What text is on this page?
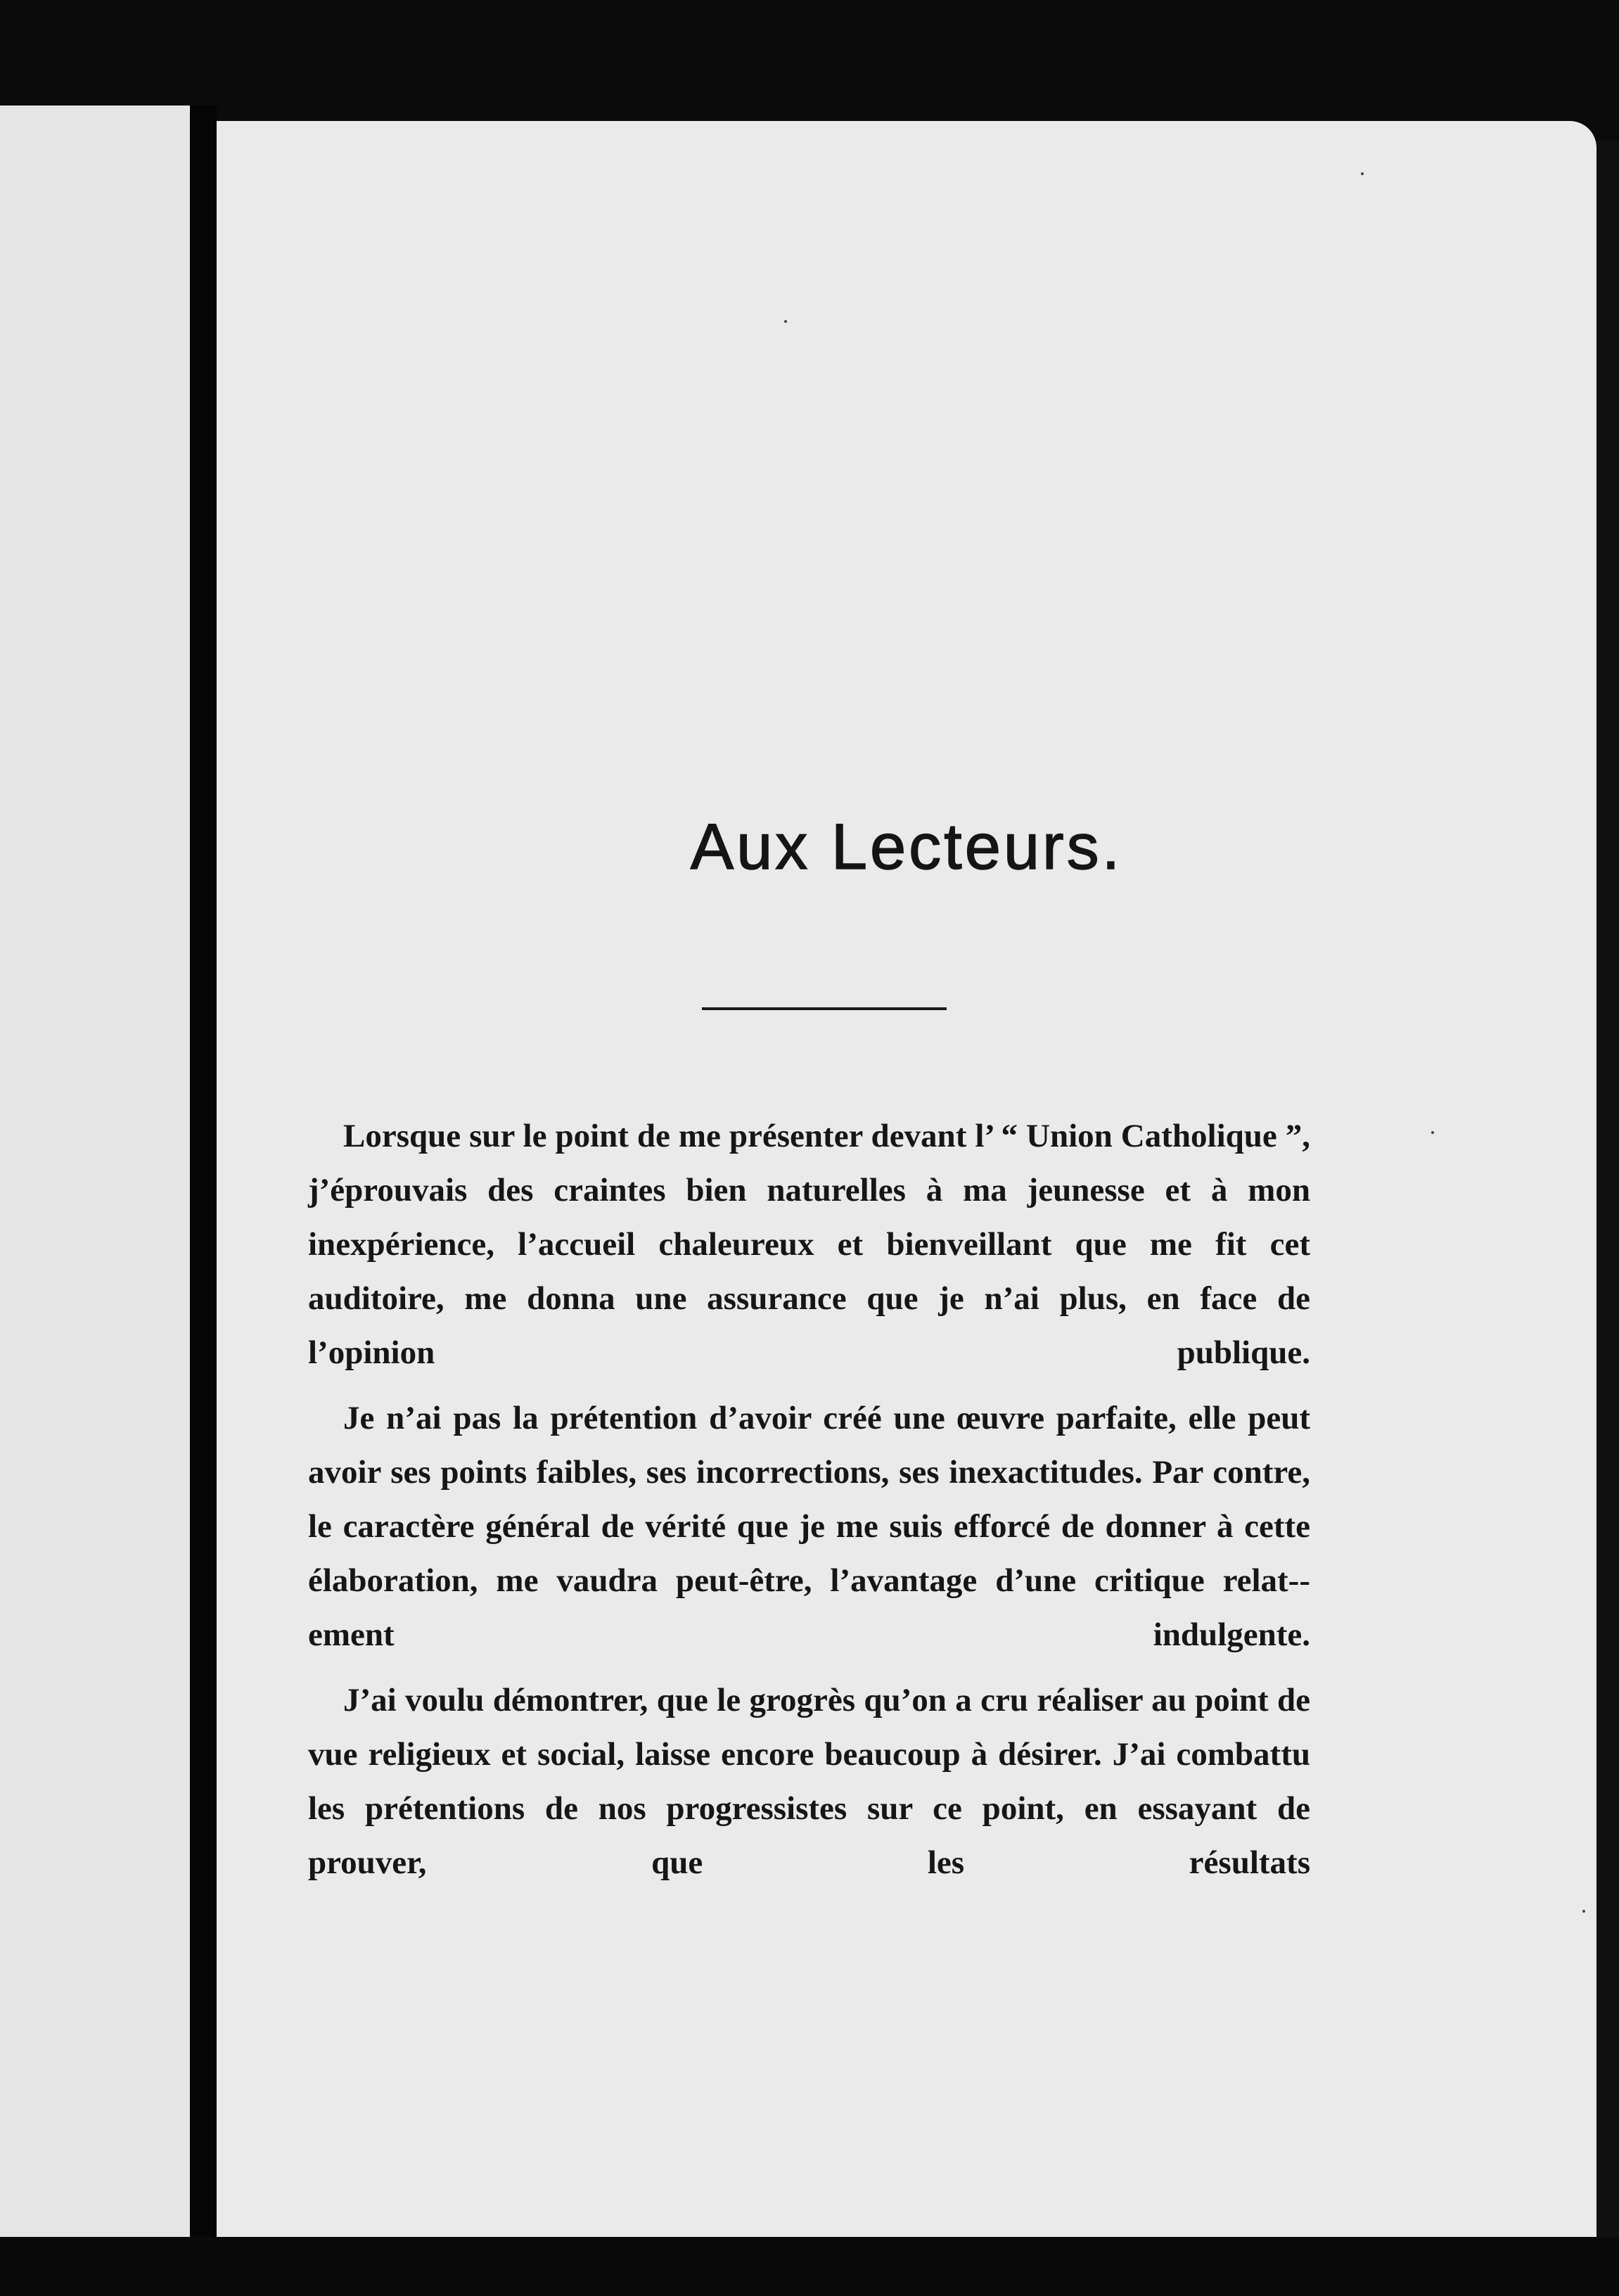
Aux Lecteurs.

Lorsque sur le point de me présenter devant l’ “ Union Catholique ”, j’éprouvais des craintes bien naturelles à ma jeunesse et à mon inexpérience, l’accueil chaleureux et bienveillant que me fit cet auditoire, me donna une assurance que je n’ai plus, en face de l’opinion publique.

Je n’ai pas la prétention d’avoir créé une œuvre parfaite, elle peut avoir ses points faibles, ses incorrections, ses inexactitudes. Par contre, le caractère général de vérité que je me suis efforcé de donner à cette élaboration, me vaudra peut-être, l’avantage d’une critique relat--ement indulgente.

J’ai voulu démontrer, que le grogrès qu’on a cru réaliser au point de vue religieux et social, laisse encore beaucoup à désirer. J’ai combattu les prétentions de nos progressistes sur ce point, en essayant de prouver, que les résultats
